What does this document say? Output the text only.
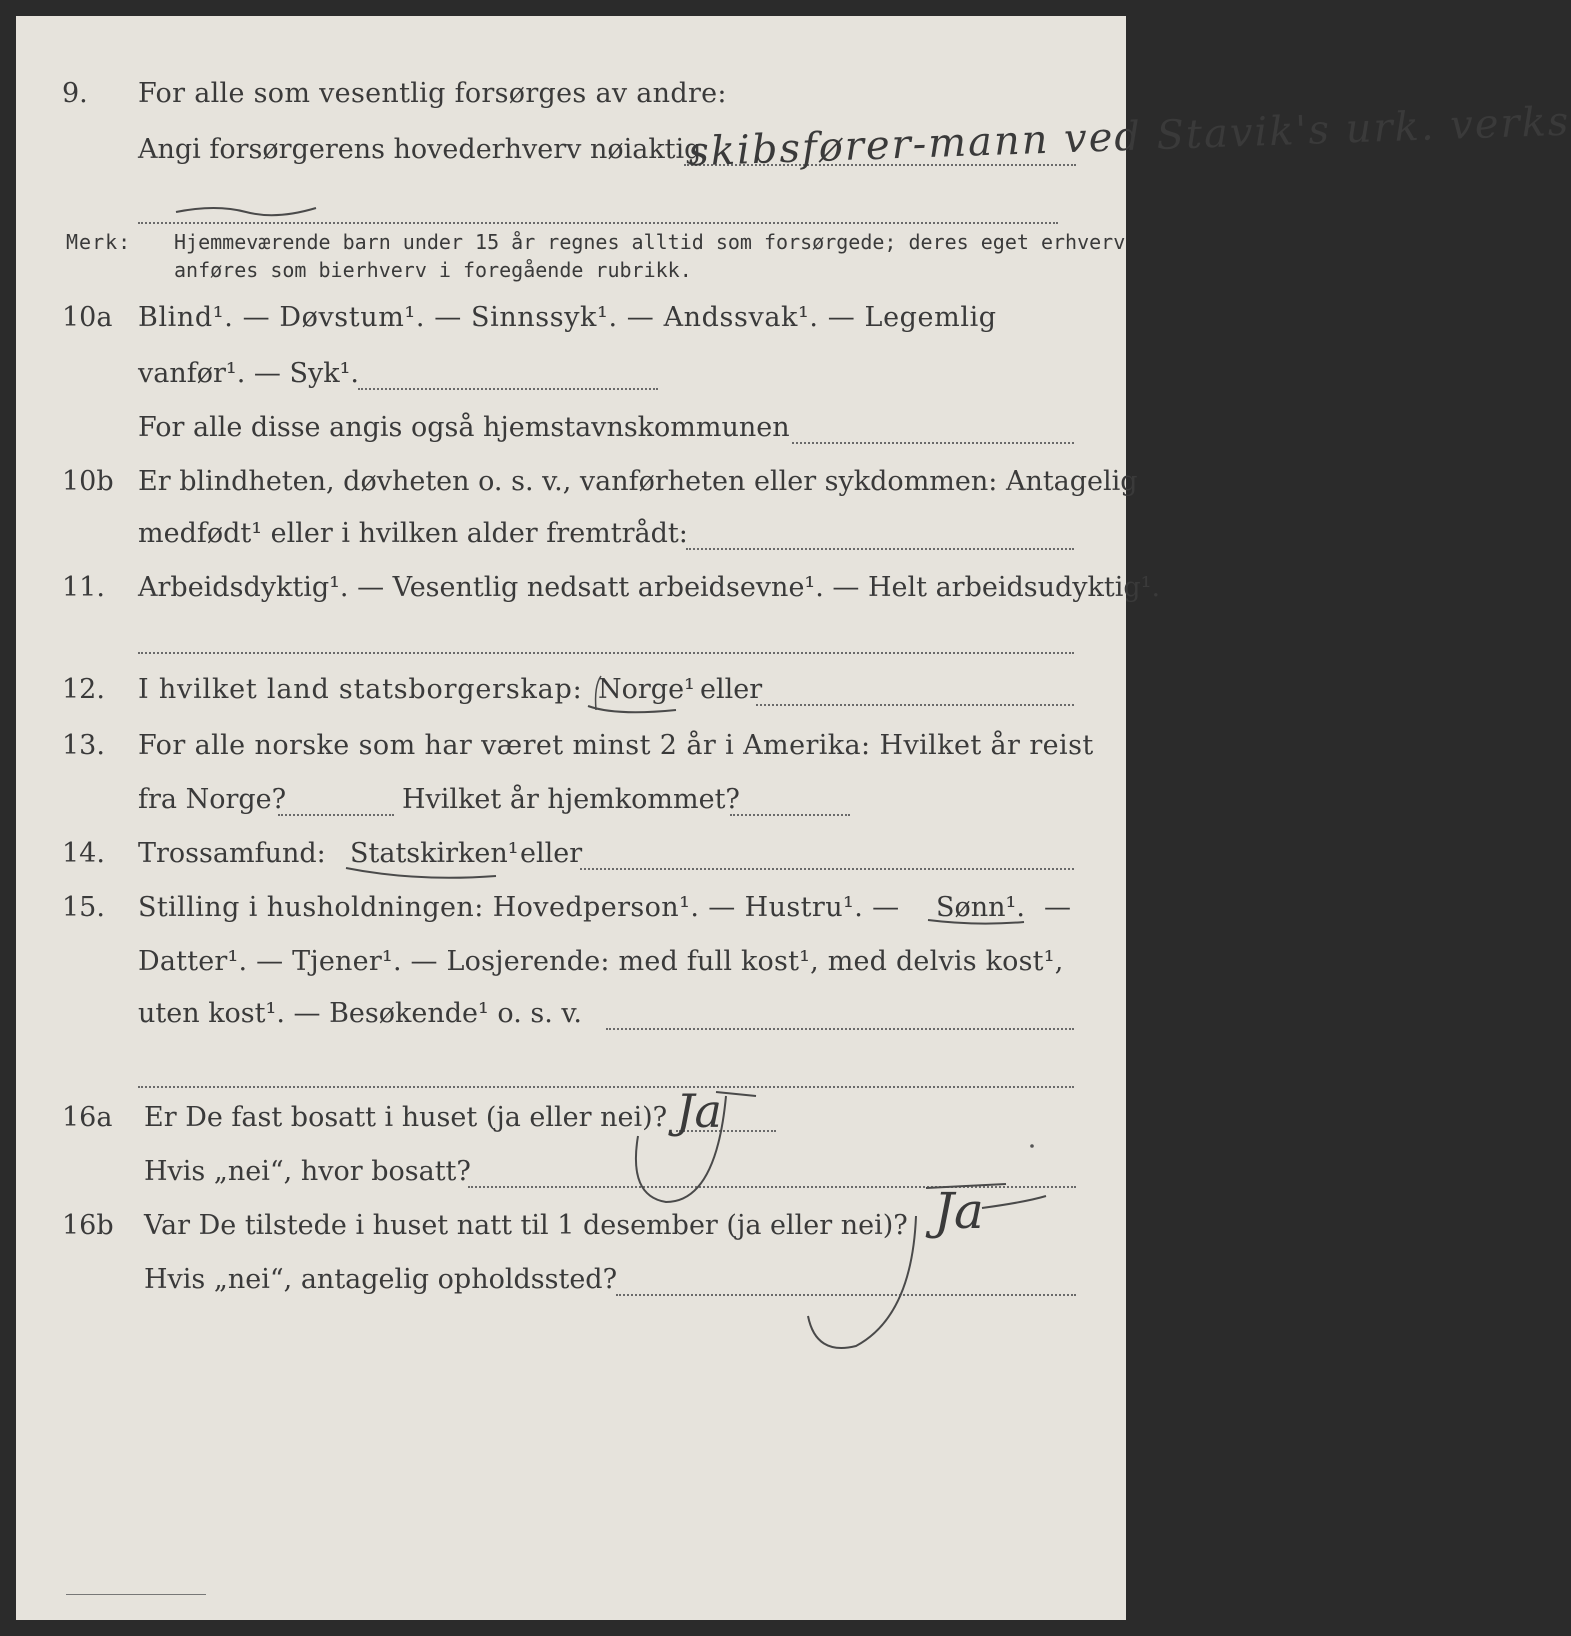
9. For alle som vesentlig forsørges av andre:
Angi forsørgerens hovederhverv nøiaktig
skibsfører-mann ved Stavik's urk. verks
Merk: Hjemmeværende barn under 15 år regnes alltid som forsørgede; deres eget erhverv
anføres som bierhverv i foregående rubrikk.
10a Blind¹. — Døvstum¹. — Sinnssyk¹. — Andssvak¹. — Legemlig
vanfør¹. — Syk¹.
For alle disse angis også hjemstavnskommunen
10b Er blindheten, døvheten o. s. v., vanførheten eller sykdommen: Antagelig
medfødt¹ eller i hvilken alder fremtrådt:
11. Arbeidsdyktig¹. — Vesentlig nedsatt arbeidsevne¹. — Helt arbeidsudyktig¹.
12. I hvilket land statsborgerskap: Norge¹ eller
13. For alle norske som har været minst 2 år i Amerika: Hvilket år reist
fra Norge?	Hvilket år hjemkommet?
14. Trossamfund: Statskirken¹ eller
15. Stilling i husholdningen: Hovedperson¹. — Hustru¹. — Sønn¹. —
Datter¹. — Tjener¹. — Losjerende: med full kost¹, med delvis kost¹,
uten kost¹. — Besøkende¹ o. s. v.
16a Er De fast bosatt i huset (ja eller nei)? Ja
Hvis „nei“, hvor bosatt?
16b Var De tilstede i huset natt til 1 desember (ja eller nei)? Ja
Hvis „nei“, antagelig opholdssted?
